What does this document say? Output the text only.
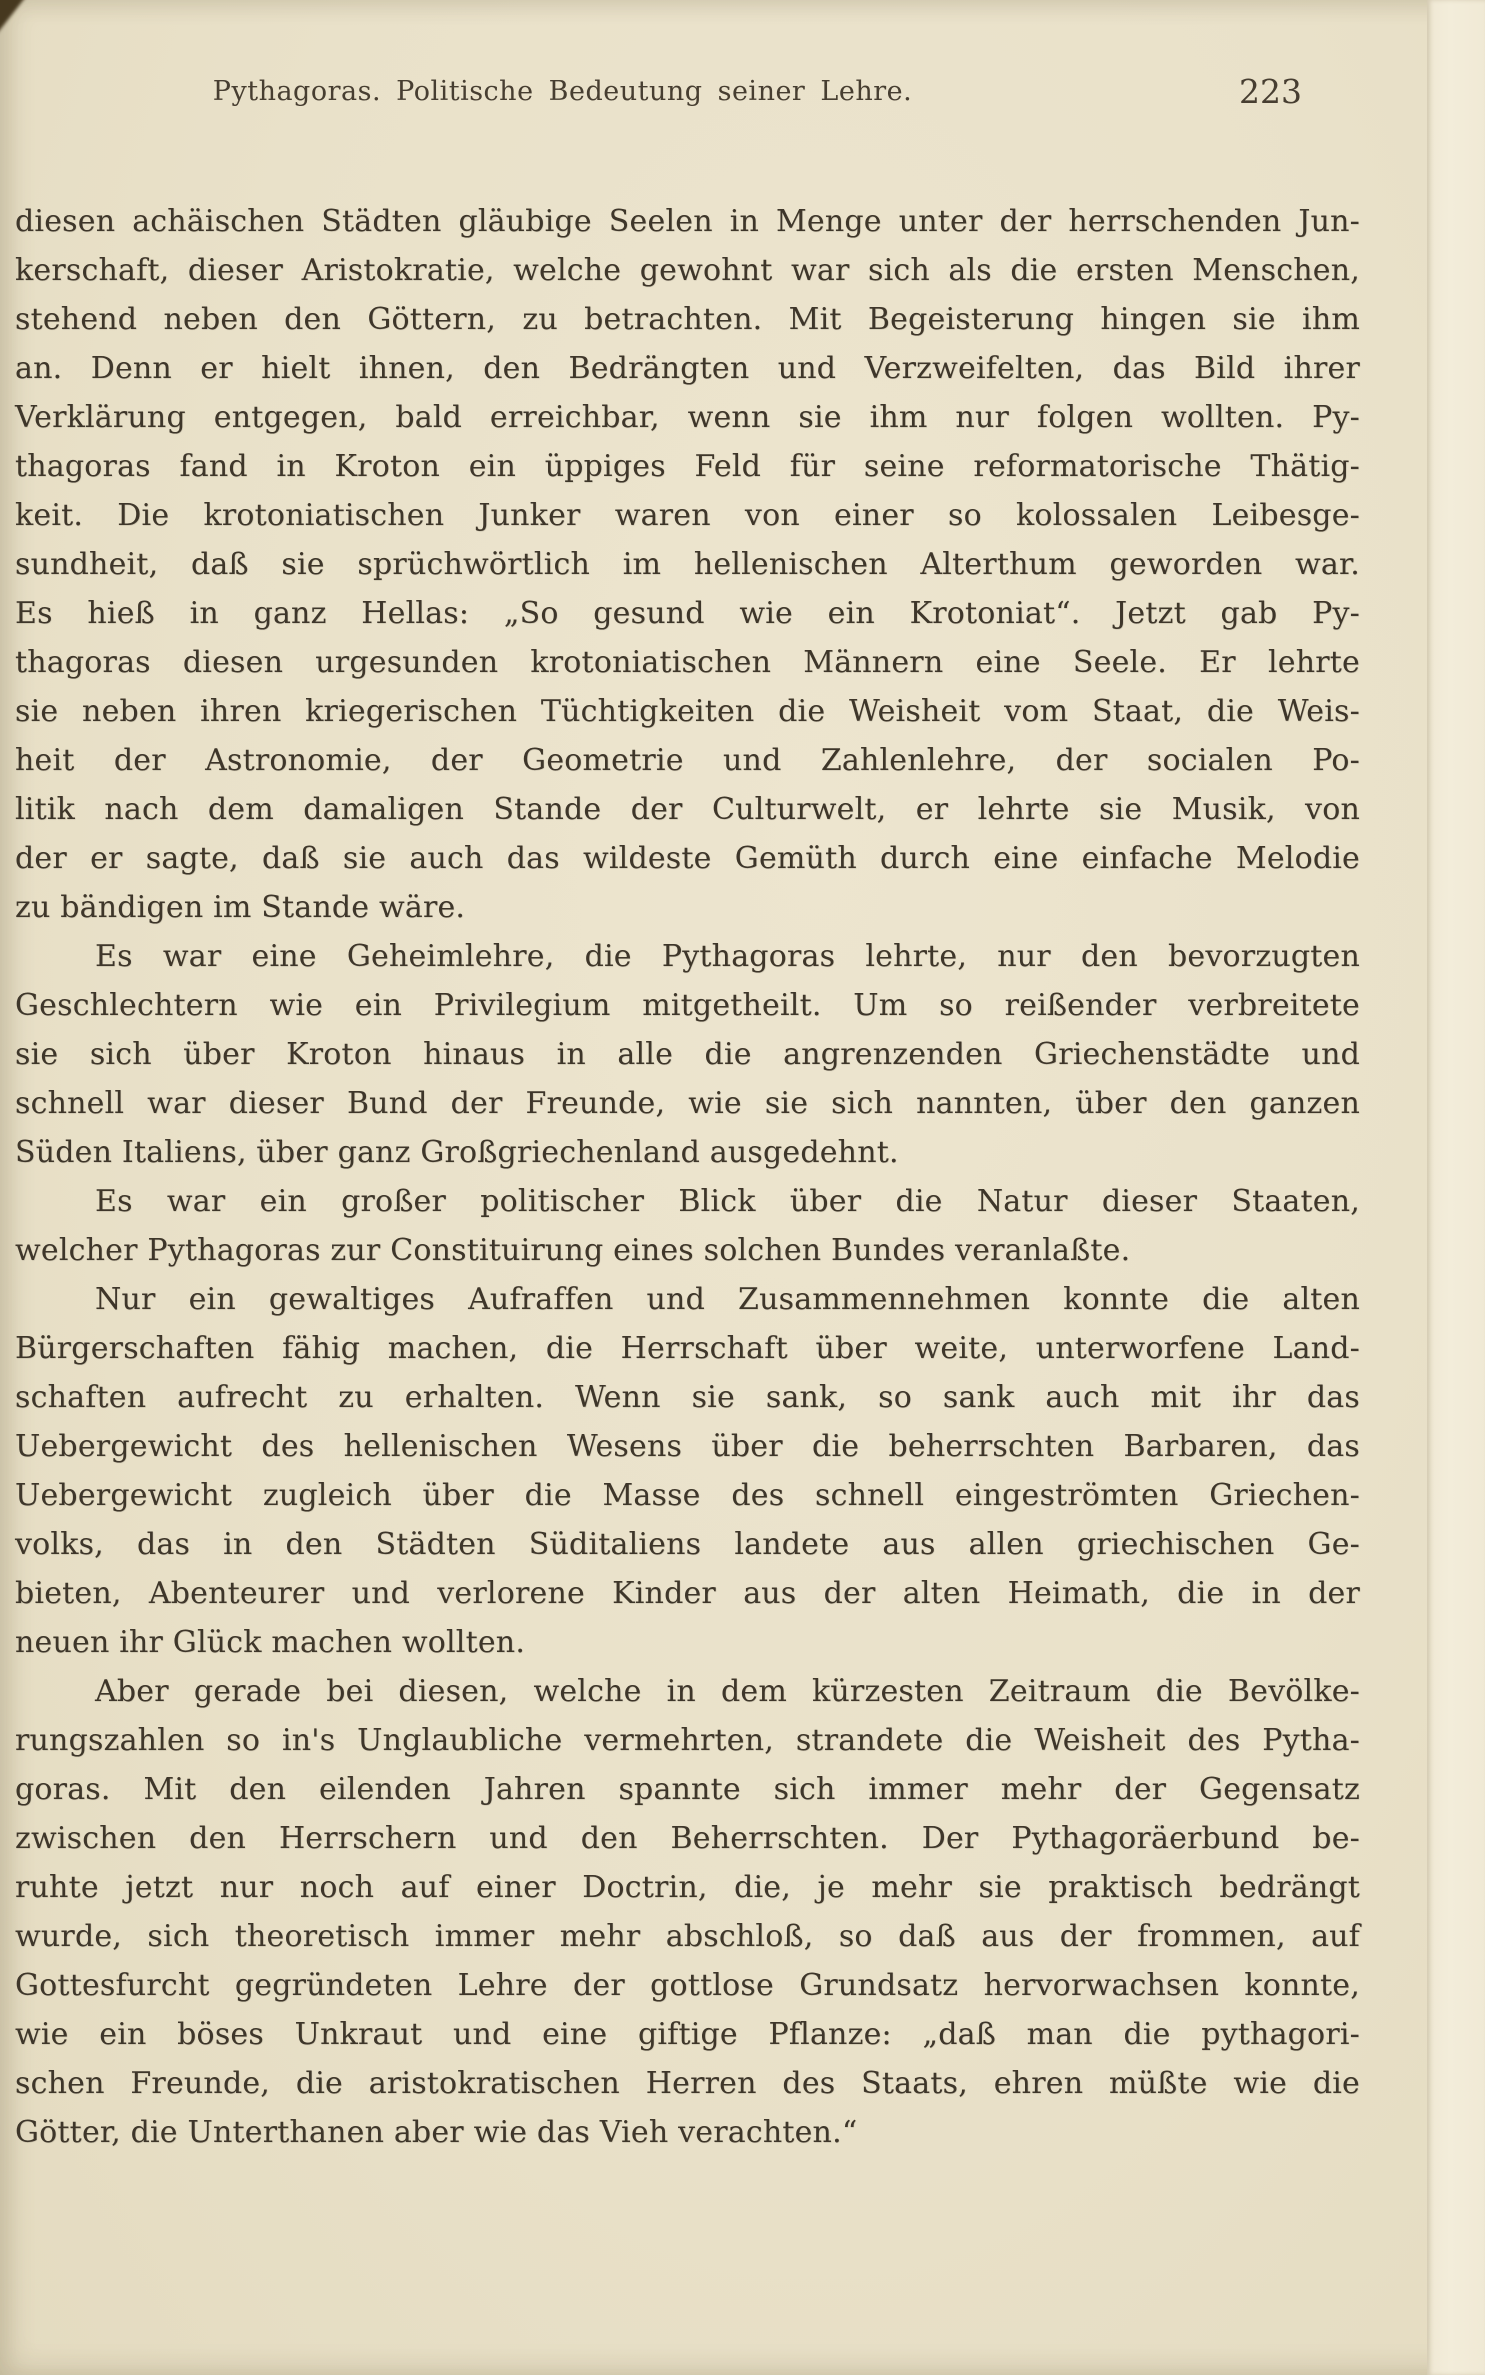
Pythagoras. Politische Bedeutung seiner Lehre.	223
diesen achäischen Städten gläubige Seelen in Menge unter der herrschenden Jun-
kerschaft, dieser Aristokratie, welche gewohnt war sich als die ersten Menschen,
stehend neben den Göttern, zu betrachten. Mit Begeisterung hingen sie ihm
an. Denn er hielt ihnen, den Bedrängten und Verzweifelten, das Bild ihrer
Verklärung entgegen, bald erreichbar, wenn sie ihm nur folgen wollten. Py-
thagoras fand in Kroton ein üppiges Feld für seine reformatorische Thätig-
keit. Die krotoniatischen Junker waren von einer so kolossalen Leibesge-
sundheit, daß sie sprüchwörtlich im hellenischen Alterthum geworden war.
Es hieß in ganz Hellas: „So gesund wie ein Krotoniat“. Jetzt gab Py-
thagoras diesen urgesunden krotoniatischen Männern eine Seele. Er lehrte
sie neben ihren kriegerischen Tüchtigkeiten die Weisheit vom Staat, die Weis-
heit der Astronomie, der Geometrie und Zahlenlehre, der socialen Po-
litik nach dem damaligen Stande der Culturwelt, er lehrte sie Musik, von
der er sagte, daß sie auch das wildeste Gemüth durch eine einfache Melodie
zu bändigen im Stande wäre.
Es war eine Geheimlehre, die Pythagoras lehrte, nur den bevorzugten
Geschlechtern wie ein Privilegium mitgetheilt. Um so reißender verbreitete
sie sich über Kroton hinaus in alle die angrenzenden Griechenstädte und
schnell war dieser Bund der Freunde, wie sie sich nannten, über den ganzen
Süden Italiens, über ganz Großgriechenland ausgedehnt.
Es war ein großer politischer Blick über die Natur dieser Staaten,
welcher Pythagoras zur Constituirung eines solchen Bundes veranlaßte.
Nur ein gewaltiges Aufraffen und Zusammennehmen konnte die alten
Bürgerschaften fähig machen, die Herrschaft über weite, unterworfene Land-
schaften aufrecht zu erhalten. Wenn sie sank, so sank auch mit ihr das
Uebergewicht des hellenischen Wesens über die beherrschten Barbaren, das
Uebergewicht zugleich über die Masse des schnell eingeströmten Griechen-
volks, das in den Städten Süditaliens landete aus allen griechischen Ge-
bieten, Abenteurer und verlorene Kinder aus der alten Heimath, die in der
neuen ihr Glück machen wollten.
Aber gerade bei diesen, welche in dem kürzesten Zeitraum die Bevölke-
rungszahlen so in's Unglaubliche vermehrten, strandete die Weisheit des Pytha-
goras. Mit den eilenden Jahren spannte sich immer mehr der Gegensatz
zwischen den Herrschern und den Beherrschten. Der Pythagoräerbund be-
ruhte jetzt nur noch auf einer Doctrin, die, je mehr sie praktisch bedrängt
wurde, sich theoretisch immer mehr abschloß, so daß aus der frommen, auf
Gottesfurcht gegründeten Lehre der gottlose Grundsatz hervorwachsen konnte,
wie ein böses Unkraut und eine giftige Pflanze: „daß man die pythagori-
schen Freunde, die aristokratischen Herren des Staats, ehren müßte wie die
Götter, die Unterthanen aber wie das Vieh verachten.“
